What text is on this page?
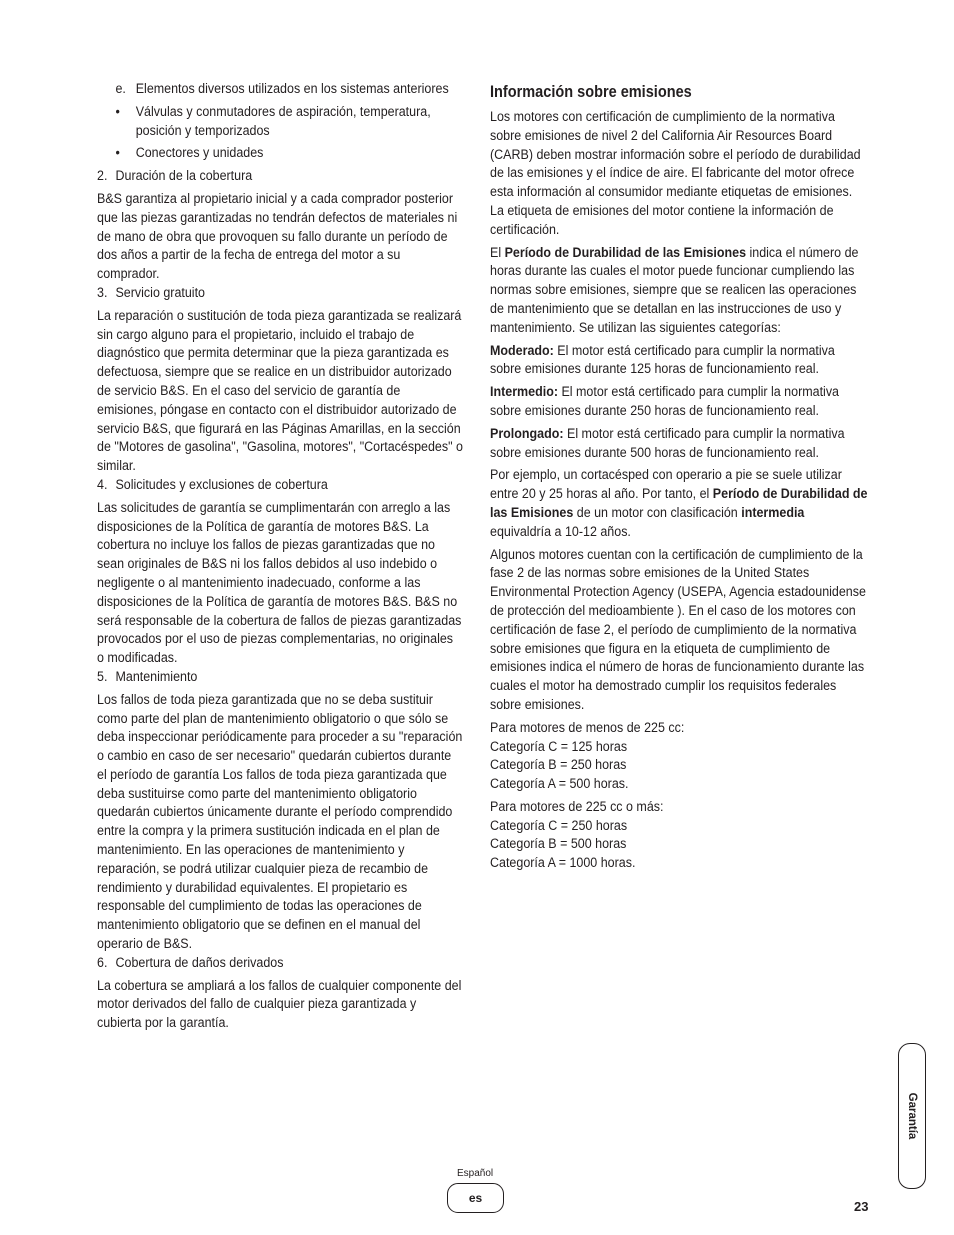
e. Elementos diversos utilizados en los sistemas anteriores
•	Válvulas y conmutadores de aspiración, temperatura, posición y temporizados
•	Conectores y unidades
2. Duración de la cobertura

B&S garantiza al propietario inicial y a cada comprador posterior que las piezas garantizadas no tendrán defectos de materiales ni de mano de obra que provoquen su fallo durante un período de dos años a partir de la fecha de entrega del motor a su comprador.

3. Servicio gratuito

La reparación o sustitución de toda pieza garantizada se realizará sin cargo alguno para el propietario, incluido el trabajo de diagnóstico que permita determinar que la pieza garantizada es defectuosa, siempre que se realice en un distribuidor autorizado de servicio B&S. En el caso del servicio de garantía de emisiones, póngase en contacto con el distribuidor autorizado de servicio B&S, que figurará en las Páginas Amarillas, en la sección de "Motores de gasolina", "Gasolina, motores", "Cortacéspedes" o similar.

4. Solicitudes y exclusiones de cobertura

Las solicitudes de garantía se cumplimentarán con arreglo a las disposiciones de la Política de garantía de motores B&S. La cobertura no incluye los fallos de piezas garantizadas que no sean originales de B&S ni los fallos debidos al uso indebido o negligente o al mantenimiento inadecuado, conforme a las disposiciones de la Política de garantía de motores B&S. B&S no será responsable de la cobertura de fallos de piezas garantizadas provocados por el uso de piezas complementarias, no originales o modificadas.

5. Mantenimiento

Los fallos de toda pieza garantizada que no se deba sustituir como parte del plan de mantenimiento obligatorio o que sólo se deba inspeccionar periódicamente para proceder a su "reparación o cambio en caso de ser necesario" quedarán cubiertos durante el período de garantía Los fallos de toda pieza garantizada que deba sustituirse como parte del mantenimiento obligatorio quedarán cubiertos únicamente durante el período comprendido entre la compra y la primera sustitución indicada en el plan de mantenimiento. En las operaciones de mantenimiento y reparación, se podrá utilizar cualquier pieza de recambio de rendimiento y durabilidad equivalentes. El propietario es responsable del cumplimiento de todas las operaciones de mantenimiento obligatorio que se definen en el manual del operario de B&S.

6. Cobertura de daños derivados

La cobertura se ampliará a los fallos de cualquier componente del motor derivados del fallo de cualquier pieza garantizada y cubierta por la garantía.

Información sobre emisiones

Los motores con certificación de cumplimiento de la normativa sobre emisiones de nivel 2 del California Air Resources Board (CARB) deben mostrar información sobre el período de durabilidad de las emisiones y el índice de aire. El fabricante del motor ofrece esta información al consumidor mediante etiquetas de emisiones. La etiqueta de emisiones del motor contiene la información de certificación.

El Período de Durabilidad de las Emisiones indica el número de horas durante las cuales el motor puede funcionar cumpliendo las normas sobre emisiones, siempre que se realicen las operaciones de mantenimiento que se detallan en las instrucciones de uso y mantenimiento. Se utilizan las siguientes categorías:

Moderado: El motor está certificado para cumplir la normativa sobre emisiones durante 125 horas de funcionamiento real.

Intermedio: El motor está certificado para cumplir la normativa sobre emisiones durante 250 horas de funcionamiento real.

Prolongado: El motor está certificado para cumplir la normativa sobre emisiones durante 500 horas de funcionamiento real.

Por ejemplo, un cortacésped con operario a pie se suele utilizar entre 20 y 25 horas al año. Por tanto, el Período de Durabilidad de las Emisiones de un motor con clasificación intermedia equivaldría a 10-12 años.

Algunos motores cuentan con la certificación de cumplimiento de la fase 2 de las normas sobre emisiones de la United States Environmental Protection Agency (USEPA, Agencia estadounidense de protección del medioambiente ). En el caso de los motores con certificación de fase 2, el período de cumplimiento de la normativa sobre emisiones que figura en la etiqueta de cumplimiento de emisiones indica el número de horas de funcionamiento durante las cuales el motor ha demostrado cumplir los requisitos federales sobre emisiones.

Para motores de menos de 225 cc:

Categoría C = 125 horas

Categoría B = 250 horas

Categoría A = 500 horas.

Para motores de 225 cc o más:

Categoría C = 250 horas

Categoría B = 500 horas

Categoría A = 1000 horas.

Garantía
Español
es
23
